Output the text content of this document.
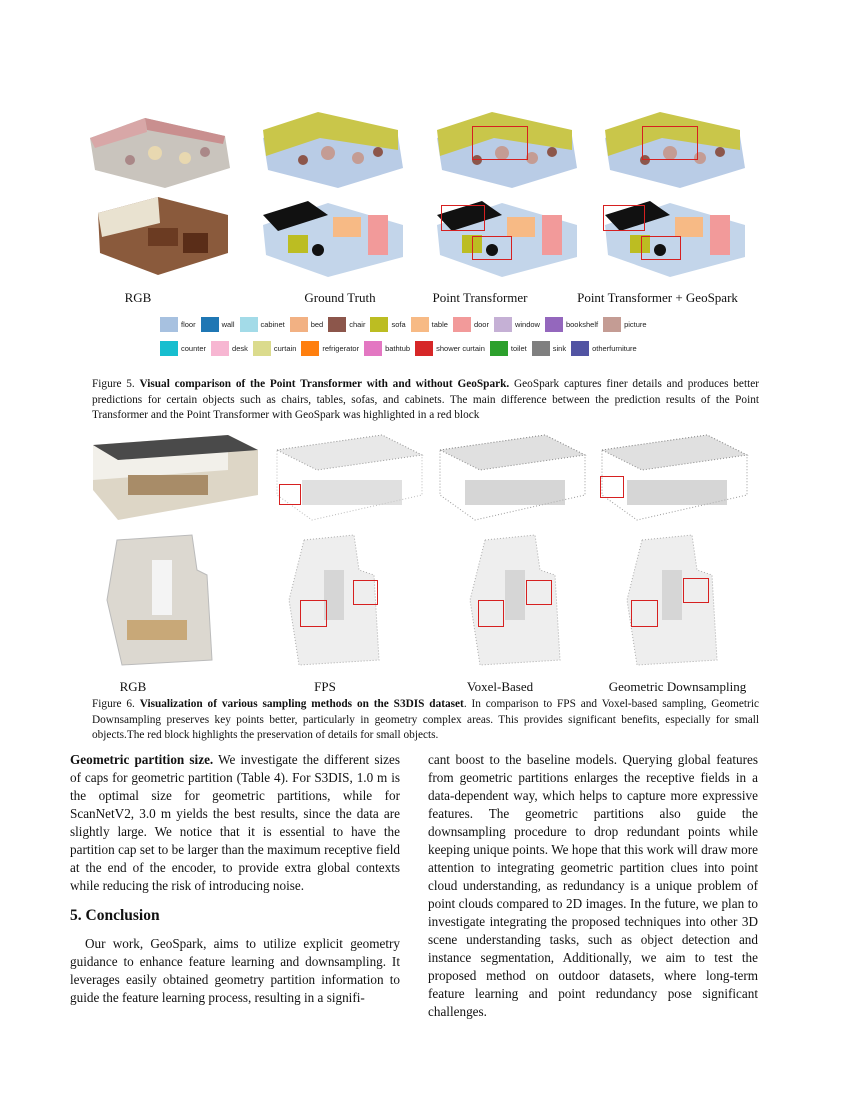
RGB	Ground Truth	Point Transformer	Point Transformer + GeoSpark
floor	wall	cabinet	bed	chair	sofa	table	door	window	bookshelf	picture
counter	desk	curtain	refrigerator	bathtub	shower curtain	toilet	sink	otherfurniture
Figure 5. Visual comparison of the Point Transformer with and without GeoSpark. GeoSpark captures finer details and produces better predictions for certain objects such as chairs, tables, sofas, and cabinets. The main difference between the prediction results of the Point Transformer and the Point Transformer with GeoSpark was highlighted in a red block
RGB	FPS	Voxel-Based	Geometric Downsampling
Figure 6. Visualization of various sampling methods on the S3DIS dataset. In comparison to FPS and Voxel-based sampling, Geometric Downsampling preserves key points better, particularly in geometry complex areas. This provides significant benefits, especially for small objects.The red block highlights the preservation of details for small objects.

Geometric partition size. We investigate the different sizes of caps for geometric partition (Table 4). For S3DIS, 1.0 m is the optimal size for geometric partitions, while for ScanNetV2, 3.0 m yields the best results, since the data are slightly large. We notice that it is essential to have the partition cap set to be larger than the maximum receptive field at the end of the encoder, to provide extra global contexts while reducing the risk of introducing noise.

5. Conclusion

Our work, GeoSpark, aims to utilize explicit geometry guidance to enhance feature learning and downsampling. It leverages easily obtained geometry partition information to guide the feature learning process, resulting in a signifi-

cant boost to the baseline models. Querying global features from geometric partitions enlarges the receptive fields in a data-dependent way, which helps to capture more expressive features. The geometric partitions also guide the downsampling procedure to drop redundant points while keeping unique points. We hope that this work will draw more attention to integrating geometric partition clues into point cloud understanding, as redundancy is a unique problem of point clouds compared to 2D images. In the future, we plan to investigate integrating the proposed techniques into other 3D scene understanding tasks, such as object detection and instance segmentation, Additionally, we aim to test the proposed method on outdoor datasets, where long-term feature learning and point redundancy pose significant challenges.
